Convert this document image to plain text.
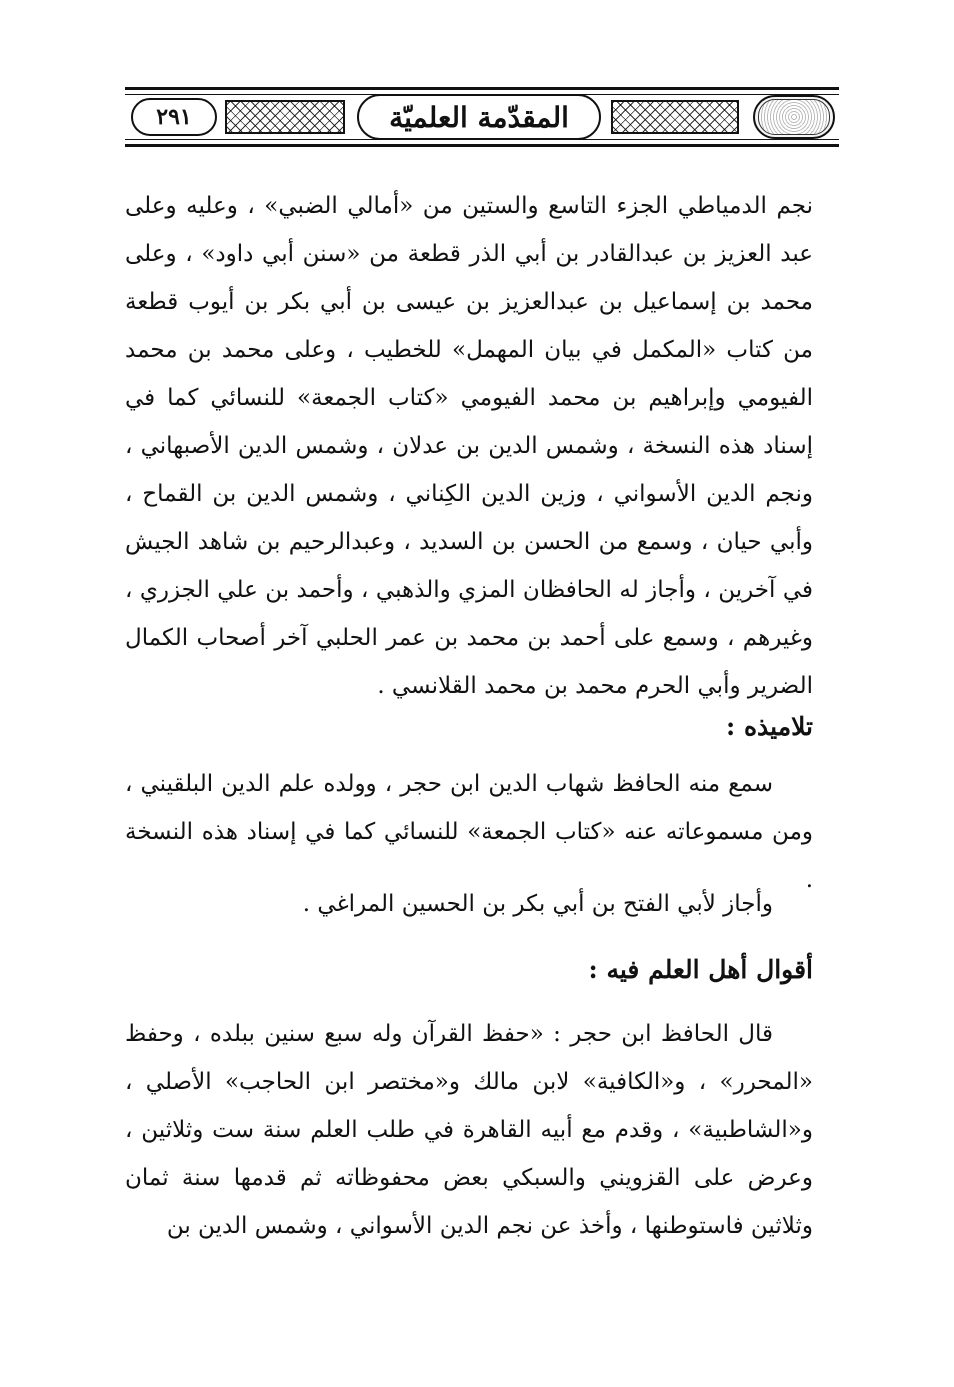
٢٩١	المقدّمة العلميّة
نجم الدمياطي الجزء التاسع والستين من «أمالي الضبي» ، وعليه وعلى عبد العزيز بن عبدالقادر بن أبي الذر قطعة من «سنن أبي داود» ، وعلى محمد بن إسماعيل بن عبدالعزيز بن عيسى بن أبي بكر بن أيوب قطعة من كتاب «المكمل في بيان المهمل» للخطيب ، وعلى محمد بن محمد الفيومي وإبراهيم بن محمد الفيومي «كتاب الجمعة» للنسائي كما في إسناد هذه النسخة ، وشمس الدين بن عدلان ، وشمس الدين الأصبهاني ، ونجم الدين الأسواني ، وزين الدين الكِناني ، وشمس الدين بن القماح ، وأبي حيان ، وسمع من الحسن بن السديد ، وعبدالرحيم بن شاهد الجيش في آخرين ، وأجاز له الحافظان المزي والذهبي ، وأحمد بن علي الجزري ، وغيرهم ، وسمع على أحمد بن محمد بن عمر الحلبي آخر أصحاب الكمال الضرير وأبي الحرم محمد بن محمد القلانسي .
تلاميذه :
سمع منه الحافظ شهاب الدين ابن حجر ، وولده علم الدين البلقيني ، ومن مسموعاته عنه «كتاب الجمعة» للنسائي كما في إسناد هذه النسخة .
وأجاز لأبي الفتح بن أبي بكر بن الحسين المراغي .
أقوال أهل العلم فيه :
قال الحافظ ابن حجر : «حفظ القرآن وله سبع سنين ببلده ، وحفظ «المحرر» ، و«الكافية» لابن مالك و«مختصر ابن الحاجب» الأصلي ، و«الشاطبية» ، وقدم مع أبيه القاهرة في طلب العلم سنة ست وثلاثين ، وعرض على القزويني والسبكي بعض محفوظاته ثم قدمها سنة ثمان وثلاثين فاستوطنها ، وأخذ عن نجم الدين الأسواني ، وشمس الدين بن
